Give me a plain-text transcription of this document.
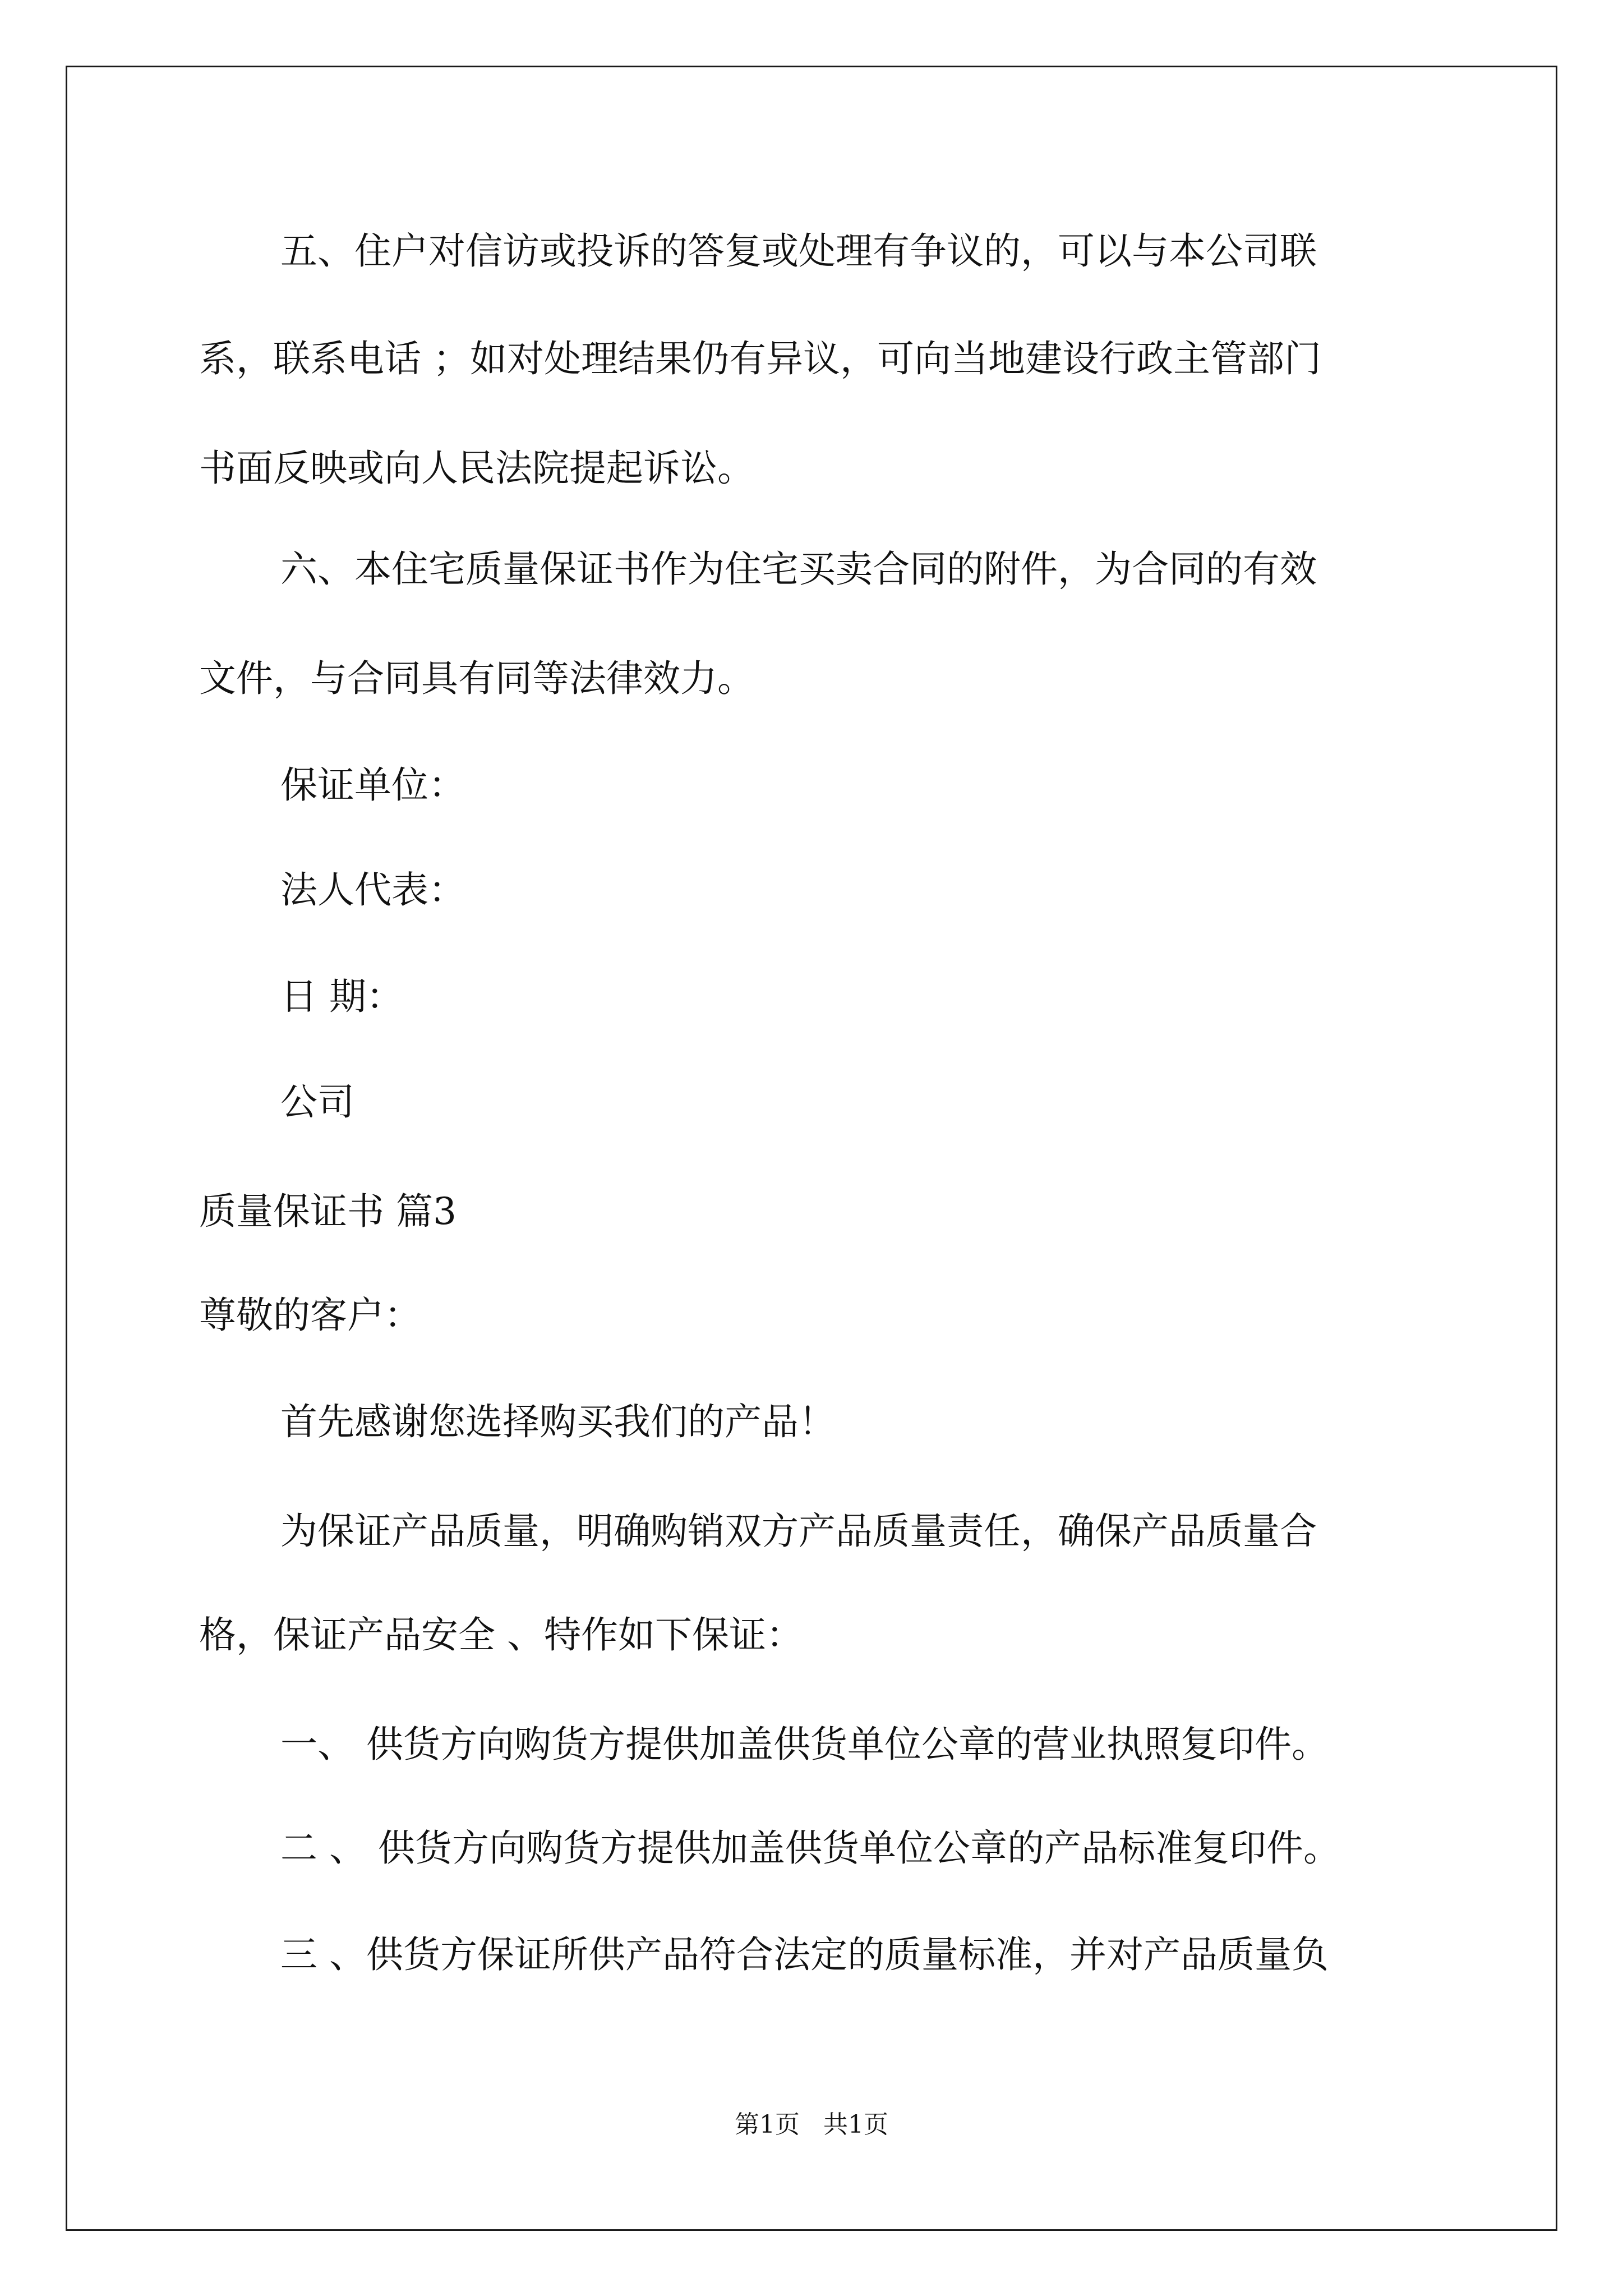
五、住户对信访或投诉的答复或处理有争议的，可以与本公司联
系，联系电话 ；如对处理结果仍有异议，可向当地建设行政主管部门
书面反映或向人民法院提起诉讼。
六、本住宅质量保证书作为住宅买卖合同的附件，为合同的有效
文件，与合同具有同等法律效力。
保证单位：
法人代表：
日 期：
公司
质量保证书 篇3
尊敬的客户：
首先感谢您选择购买我们的产品！
为保证产品质量，明确购销双方产品质量责任，确保产品质量合
格，保证产品安全 、特作如下保证：
一、 供货方向购货方提供加盖供货单位公章的营业执照复印件。
二 、 供货方向购货方提供加盖供货单位公章的产品标准复印件。
三 、供货方保证所供产品符合法定的质量标准，并对产品质量负
第1页   共1页
